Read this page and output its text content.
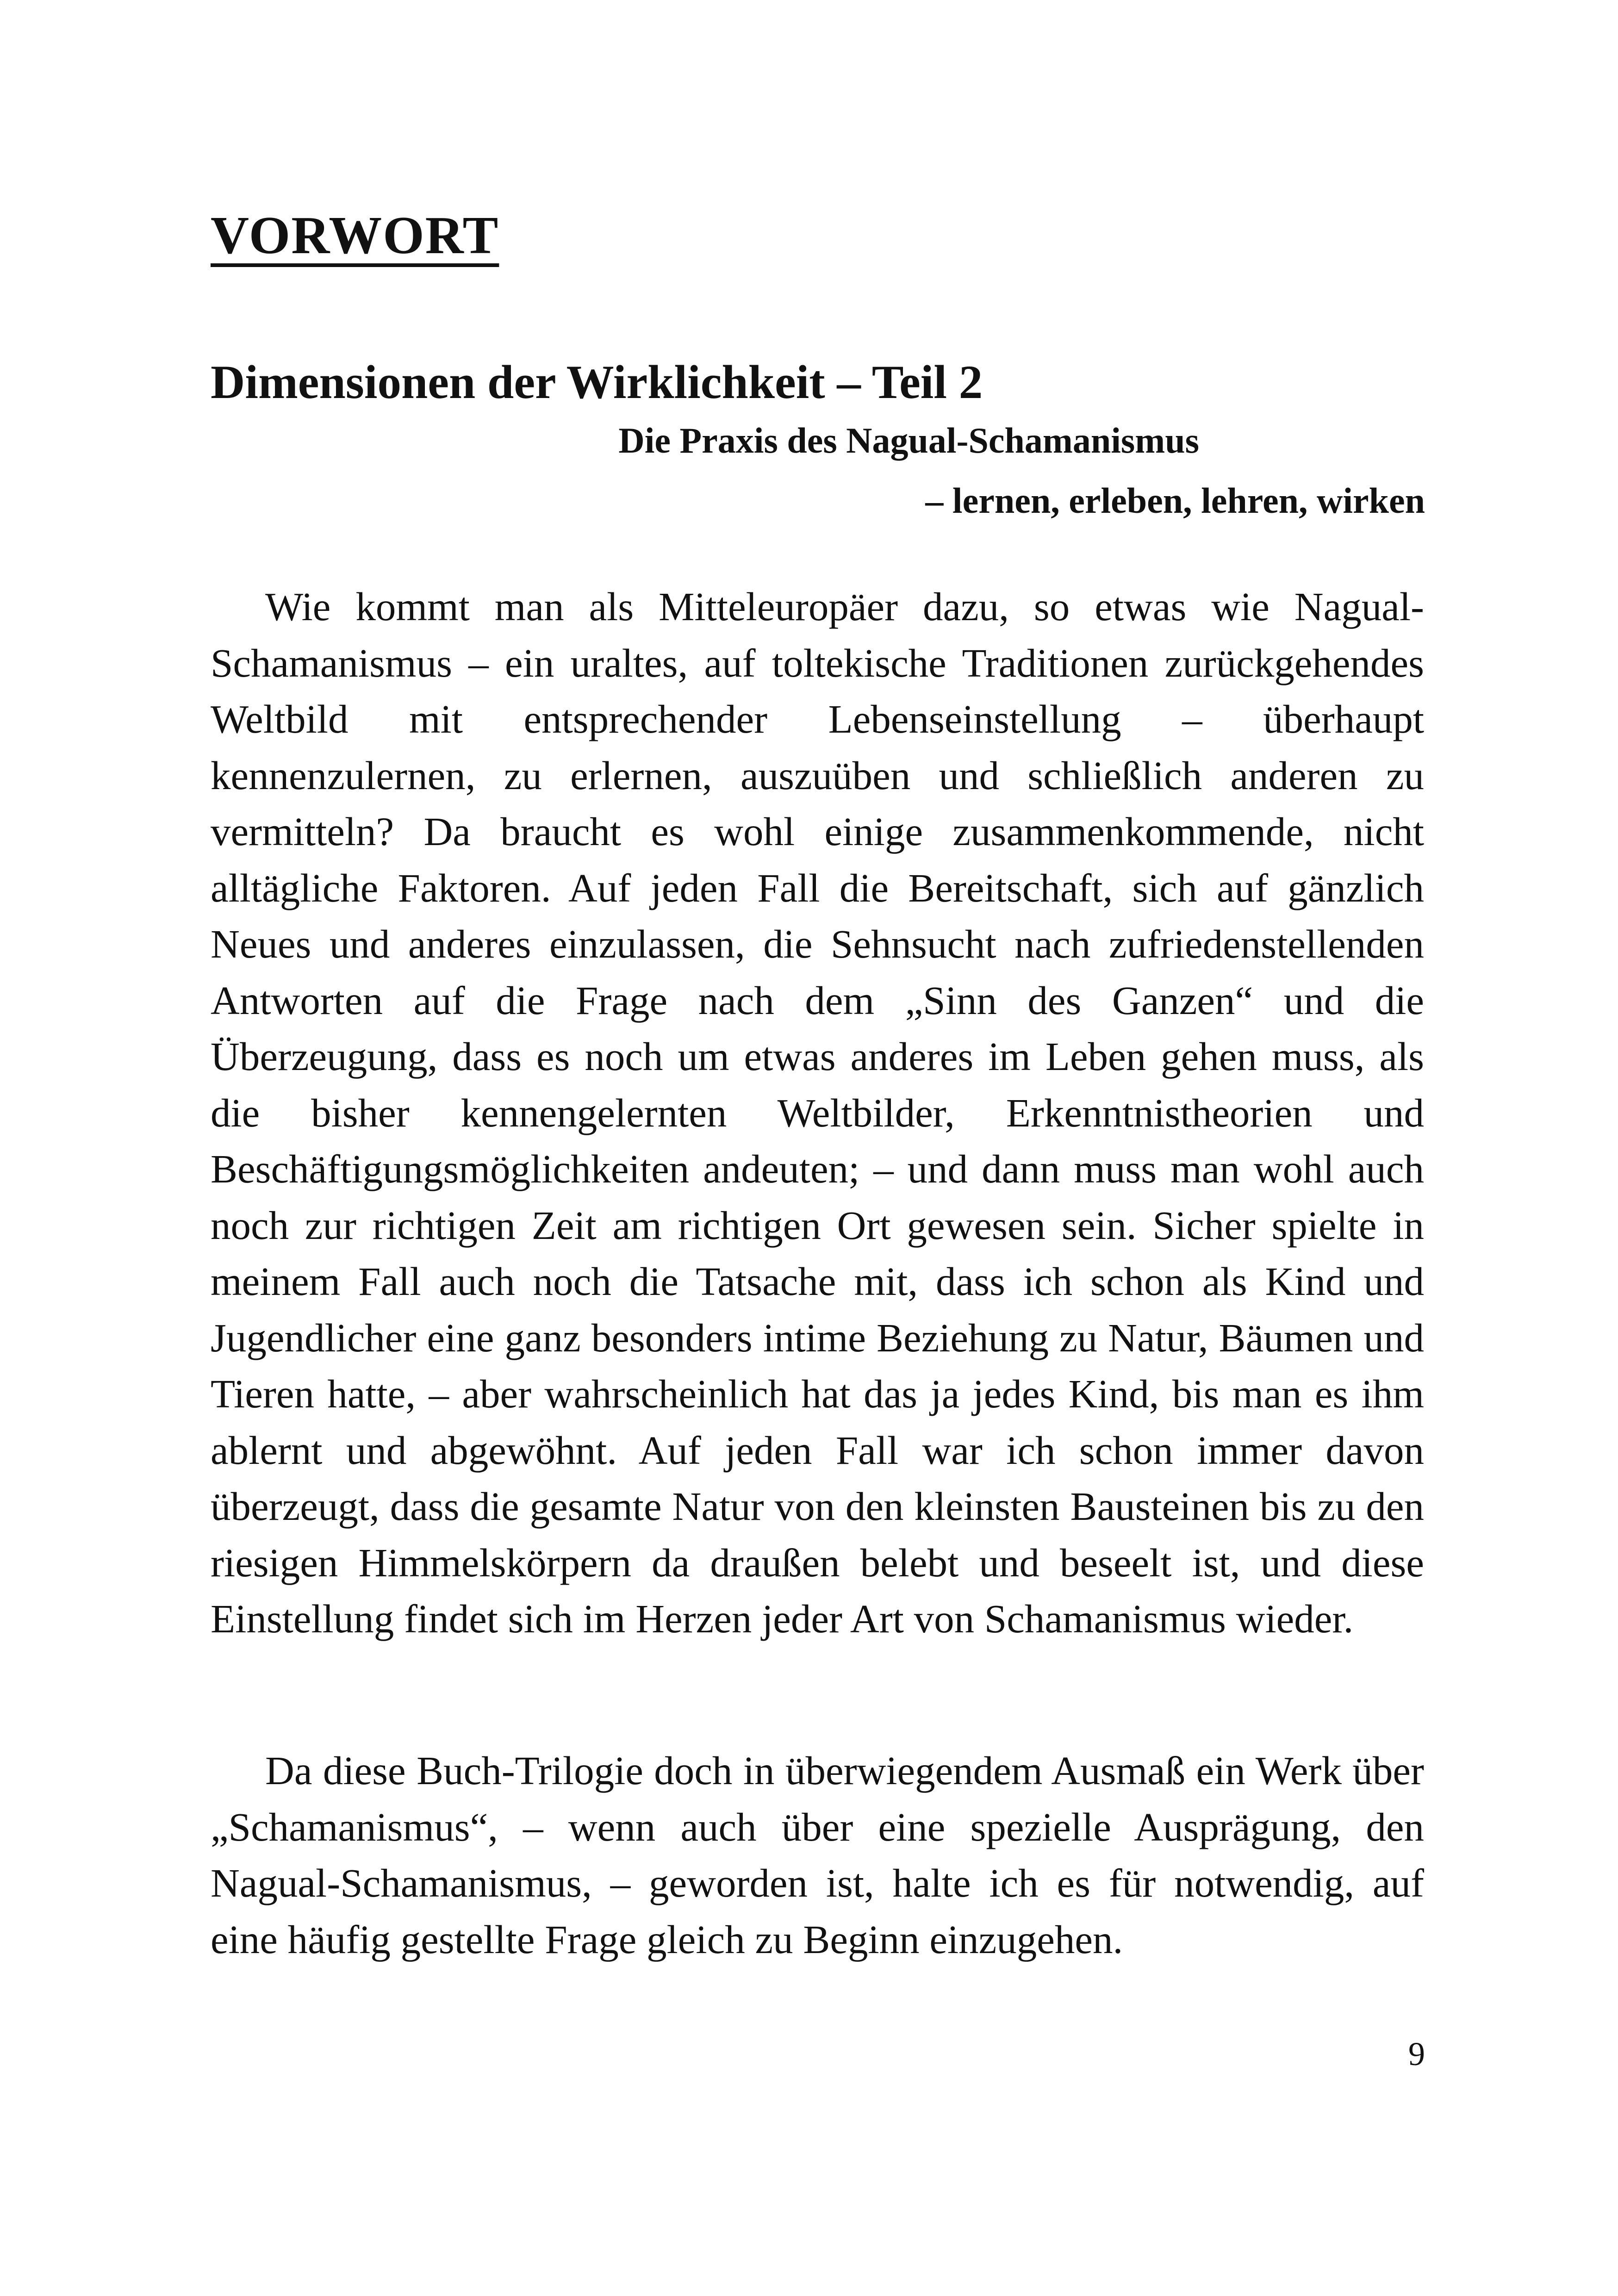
VORWORT
Dimensionen der Wirklichkeit – Teil 2
Die Praxis des Nagual-Schamanismus
– lernen, erleben, lehren, wirken

Wie kommt man als Mitteleuropäer dazu, so etwas wie Nagual-Schamanismus – ein uraltes, auf toltekische Traditionen zurückgehendes Weltbild mit entsprechender Lebenseinstellung – überhaupt kennenzulernen, zu erlernen, auszuüben und schließlich anderen zu vermitteln? Da braucht es wohl einige zusammenkommende, nicht alltägliche Faktoren. Auf jeden Fall die Bereitschaft, sich auf gänzlich Neues und anderes einzulassen, die Sehnsucht nach zufriedenstellenden Antworten auf die Frage nach dem „Sinn des Ganzen“ und die Überzeugung, dass es noch um etwas anderes im Leben gehen muss, als die bisher kennengelernten Weltbilder, Erkenntnistheorien und Beschäftigungsmöglichkeiten andeuten; – und dann muss man wohl auch noch zur richtigen Zeit am richtigen Ort gewesen sein. Sicher spielte in meinem Fall auch noch die Tatsache mit, dass ich schon als Kind und Jugendlicher eine ganz besonders intime Beziehung zu Natur, Bäumen und Tieren hatte, – aber wahrscheinlich hat das ja jedes Kind, bis man es ihm ablernt und abgewöhnt. Auf jeden Fall war ich schon immer davon überzeugt, dass die gesamte Natur von den kleinsten Bausteinen bis zu den riesigen Himmelskörpern da draußen belebt und beseelt ist, und diese Einstellung findet sich im Herzen jeder Art von Schamanismus wieder.

Da diese Buch-Trilogie doch in überwiegendem Ausmaß ein Werk über „Schamanismus“, – wenn auch über eine spezielle Ausprägung, den Nagual-Schamanismus, – geworden ist, halte ich es für notwendig, auf eine häufig gestellte Frage gleich zu Beginn einzugehen.

9
